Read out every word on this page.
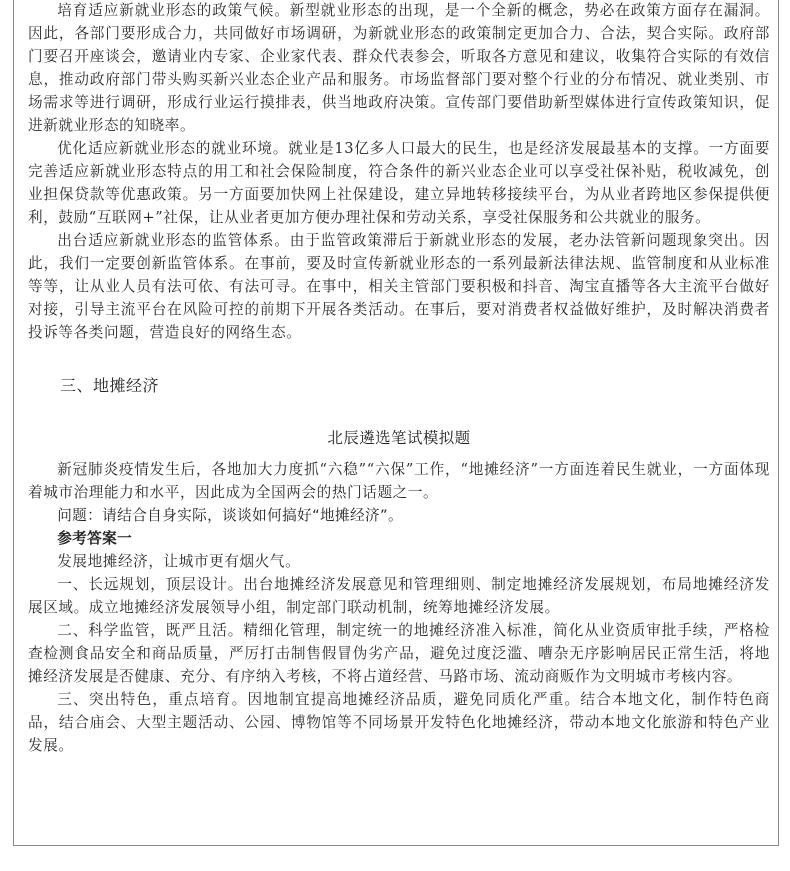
培育适应新就业形态的政策气候。新型就业形态的出现，是一个全新的概念，势必在政策方面存在漏洞。因此，各部门要形成合力，共同做好市场调研，为新就业形态的政策制定更加合力、合法，契合实际。政府部门要召开座谈会，邀请业内专家、企业家代表、群众代表参会，听取各方意见和建议，收集符合实际的有效信息，推动政府部门带头购买新兴业态企业产品和服务。市场监督部门要对整个行业的分布情况、就业类别、市场需求等进行调研，形成行业运行摸排表，供当地政府决策。宣传部门要借助新型媒体进行宣传政策知识，促进新就业形态的知晓率。

优化适应新就业形态的就业环境。就业是13亿多人口最大的民生，也是经济发展最基本的支撑。一方面要完善适应新就业形态特点的用工和社会保险制度，符合条件的新兴业态企业可以享受社保补贴，税收减免，创业担保贷款等优惠政策。另一方面要加快网上社保建设，建立异地转移接续平台，为从业者跨地区参保提供便利，鼓励“互联网+”社保，让从业者更加方便办理社保和劳动关系，享受社保服务和公共就业的服务。

出台适应新就业形态的监管体系。由于监管政策滞后于新就业形态的发展，老办法管新问题现象突出。因此，我们一定要创新监管体系。在事前，要及时宣传新就业形态的一系列最新法律法规、监管制度和从业标准等等，让从业人员有法可依、有法可寻。在事中，相关主管部门要积极和抖音、淘宝直播等各大主流平台做好对接，引导主流平台在风险可控的前期下开展各类活动。在事后，要对消费者权益做好维护，及时解决消费者投诉等各类问题，营造良好的网络生态。

三、地摊经济
北辰遴选笔试模拟题

新冠肺炎疫情发生后，各地加大力度抓“六稳”“六保”工作，“地摊经济”一方面连着民生就业，一方面体现着城市治理能力和水平，因此成为全国两会的热门话题之一。

问题：请结合自身实际，谈谈如何搞好“地摊经济”。
参考答案一

发展地摊经济，让城市更有烟火气。

一、长远规划，顶层设计。出台地摊经济发展意见和管理细则、制定地摊经济发展规划，布局地摊经济发展区域。成立地摊经济发展领导小组，制定部门联动机制，统筹地摊经济发展。

二、科学监管，既严且活。精细化管理，制定统一的地摊经济准入标准，简化从业资质审批手续，严格检查检测食品安全和商品质量，严厉打击制售假冒伪劣产品，避免过度泛滥、嘈杂无序影响居民正常生活，将地摊经济发展是否健康、充分、有序纳入考核，不将占道经营、马路市场、流动商贩作为文明城市考核内容。

三、突出特色，重点培育。因地制宜提高地摊经济品质，避免同质化严重。结合本地文化，制作特色商品，结合庙会、大型主题活动、公园、博物馆等不同场景开发特色化地摊经济，带动本地文化旅游和特色产业发展。
